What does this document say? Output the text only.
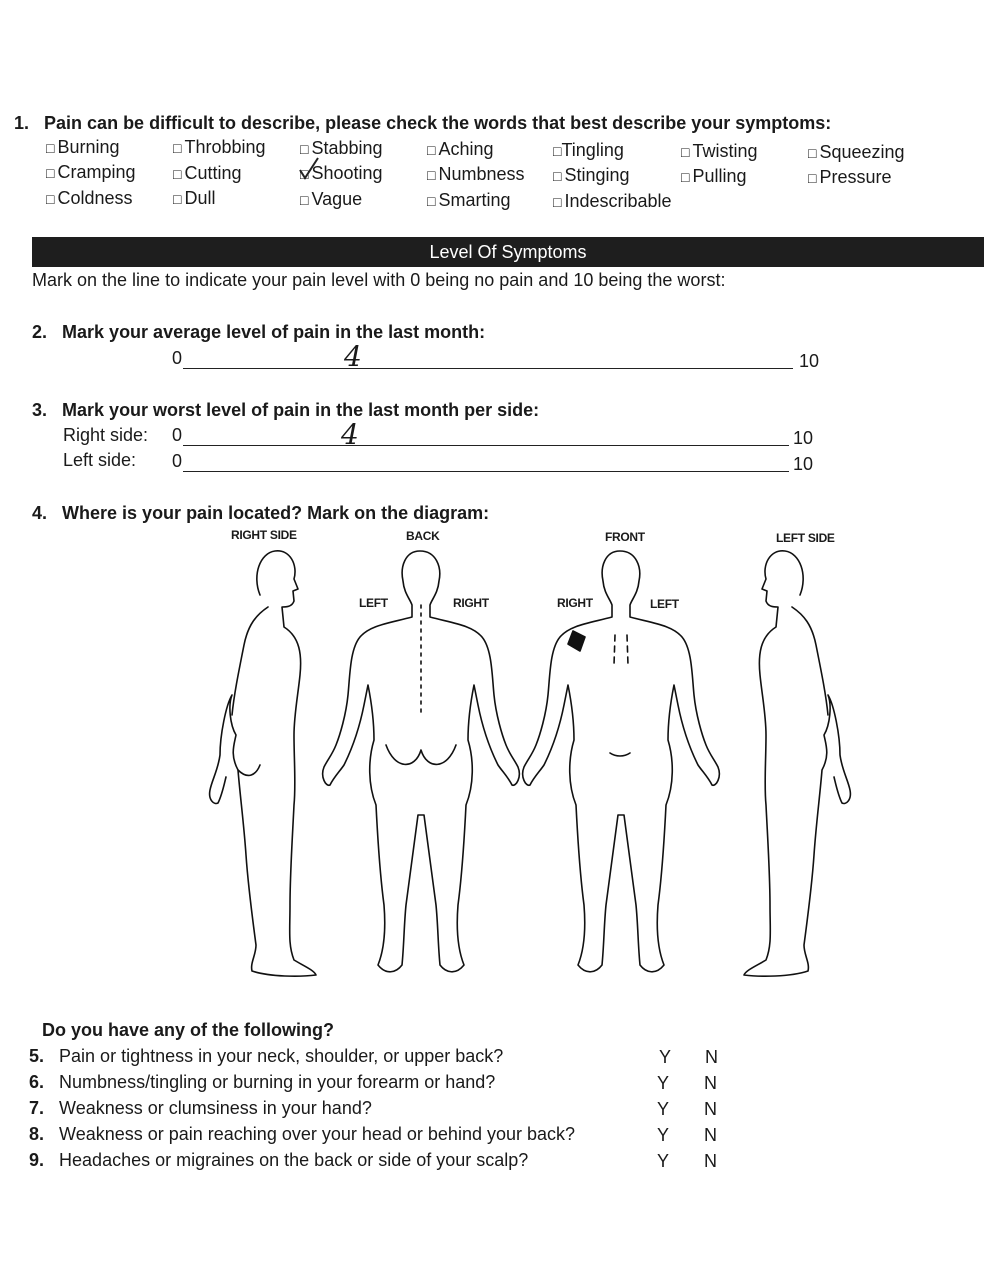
1. Pain can be difficult to describe, please check the words that best describe your symptoms:
□ Burning	□ Throbbing □ Stabbing	□ Aching	□Tingling	□ Twisting	□ Squeezing
□ Cramping	□ Cutting	□ Shooting	□ Numbness □ Stinging	□ Pulling	□ Pressure
□ Coldness	□ Dull	□ Vague	□ Smarting	□ Indescribable
Level Of Symptoms
Mark on the line to indicate your pain level with 0 being no pain and 10 being the worst:
2. Mark your average level of pain in the last month:
0	10
4
3. Mark your worst level of pain in the last month per side:
Right side: 0	10
4
Left side: 0	10
4. Where is your pain located? Mark on the diagram:
RIGHT SIDE	BACK	FRONT	LEFT SIDE
LEFT	RIGHT	RIGHT	LEFT
Do you have any of the following?
5. Pain or tightness in your neck, shoulder, or upper back?	Y N
6. Numbness/tingling or burning in your forearm or hand?	Y N
7. Weakness or clumsiness in your hand?	Y N
8. Weakness or pain reaching over your head or behind your back?	Y N
9. Headaches or migraines on the back or side of your scalp?	Y N
